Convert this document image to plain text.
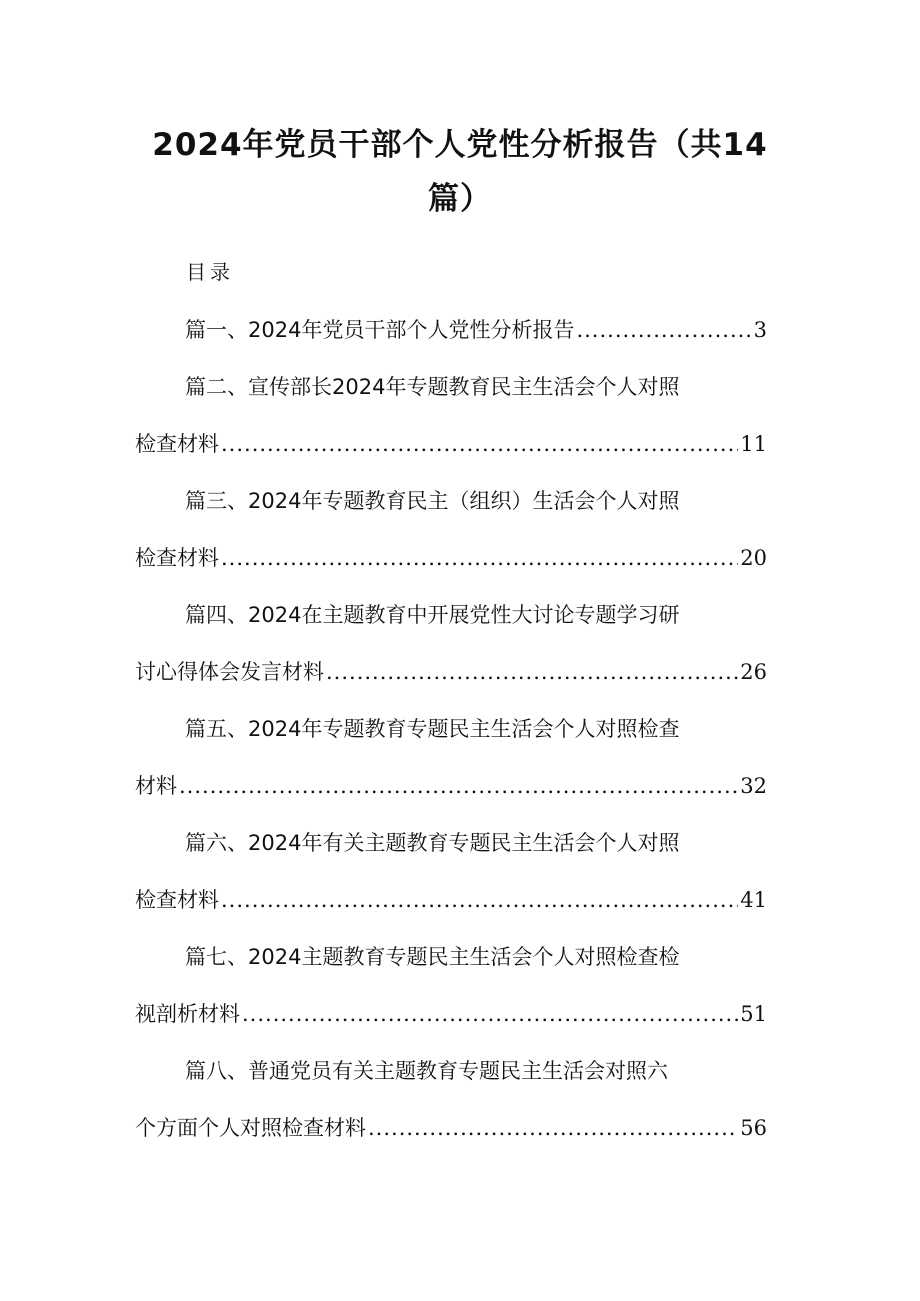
2024年党员干部个人党性分析报告（共14
篇）
目录
篇一、2024年党员干部个人党性分析报告 .....	3
篇二、宣传部长2024年专题教育民主生活会个人对照
检查材料 .....	11
篇三、2024年专题教育民主（组织）生活会个人对照
检查材料 .....	20
篇四、2024在主题教育中开展党性大讨论专题学习研
讨心得体会发言材料 .....	26
篇五、2024年专题教育专题民主生活会个人对照检查
材料 .....	32
篇六、2024年有关主题教育专题民主生活会个人对照
检查材料 .....	41
篇七、2024主题教育专题民主生活会个人对照检查检
视剖析材料 .....	51
篇八、普通党员有关主题教育专题民主生活会对照六
个方面个人对照检查材料 .....	56
